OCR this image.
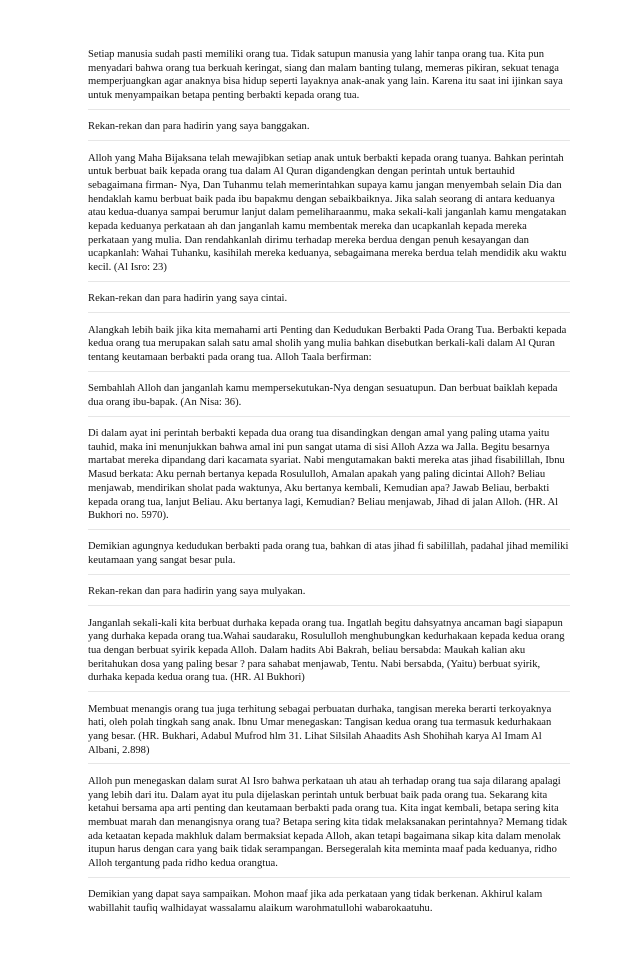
Setiap manusia sudah pasti memiliki orang tua. Tidak satupun manusia yang lahir tanpa orang tua. Kita pun menyadari bahwa orang tua berkuah keringat, siang dan malam banting tulang, memeras pikiran, sekuat tenaga memperjuangkan agar anaknya bisa hidup seperti layaknya anak-anak yang lain. Karena itu saat ini ijinkan saya untuk menyampaikan betapa penting berbakti kepada orang tua.

Rekan-rekan dan para hadirin yang saya banggakan.

Alloh yang Maha Bijaksana telah mewajibkan setiap anak untuk berbakti kepada orang tuanya. Bahkan perintah untuk berbuat baik kepada orang tua dalam Al Quran digandengkan dengan perintah untuk bertauhid sebagaimana firman- Nya, Dan Tuhanmu telah memerintahkan supaya kamu jangan menyembah selain Dia dan hendaklah kamu berbuat baik pada ibu bapakmu dengan sebaikbaiknya. Jika salah seorang di antara keduanya atau kedua-duanya sampai berumur lanjut dalam pemeliharaanmu, maka sekali-kali janganlah kamu mengatakan kepada keduanya perkataan ah dan janganlah kamu membentak mereka dan ucapkanlah kepada mereka perkataan yang mulia. Dan rendahkanlah dirimu terhadap mereka berdua dengan penuh kesayangan dan ucapkanlah: Wahai Tuhanku, kasihilah mereka keduanya, sebagaimana mereka berdua telah mendidik aku waktu kecil. (Al Isro: 23)

Rekan-rekan dan para hadirin yang saya cintai.

Alangkah lebih baik jika kita memahami arti Penting dan Kedudukan Berbakti Pada Orang Tua. Berbakti kepada kedua orang tua merupakan salah satu amal sholih yang mulia bahkan disebutkan berkali-kali dalam Al Quran tentang keutamaan berbakti pada orang tua. Alloh Taala berfirman:

Sembahlah Alloh dan janganlah kamu mempersekutukan-Nya dengan sesuatupun. Dan berbuat baiklah kepada dua orang ibu-bapak. (An Nisa: 36).

Di dalam ayat ini perintah berbakti kepada dua orang tua disandingkan dengan amal yang paling utama yaitu tauhid, maka ini menunjukkan bahwa amal ini pun sangat utama di sisi Alloh Azza wa Jalla. Begitu besarnya martabat mereka dipandang dari kacamata syariat. Nabi mengutamakan bakti mereka atas jihad fisabilillah, Ibnu Masud berkata: Aku pernah bertanya kepada Rosululloh, Amalan apakah yang paling dicintai Alloh? Beliau menjawab, mendirikan sholat pada waktunya, Aku bertanya kembali, Kemudian apa? Jawab Beliau, berbakti kepada orang tua, lanjut Beliau. Aku bertanya lagi, Kemudian? Beliau menjawab, Jihad di jalan Alloh. (HR. Al Bukhori no. 5970).

Demikian agungnya kedudukan berbakti pada orang tua, bahkan di atas jihad fi sabilillah, padahal jihad memiliki keutamaan yang sangat besar pula.

Rekan-rekan dan para hadirin yang saya mulyakan.

Janganlah sekali-kali kita berbuat durhaka kepada orang tua. Ingatlah begitu dahsyatnya ancaman bagi siapapun yang durhaka kepada orang tua.Wahai saudaraku, Rosululloh menghubungkan kedurhakaan kepada kedua orang tua dengan berbuat syirik kepada Alloh. Dalam hadits Abi Bakrah, beliau bersabda: Maukah kalian aku beritahukan dosa yang paling besar ? para sahabat menjawab, Tentu. Nabi bersabda, (Yaitu) berbuat syirik, durhaka kepada kedua orang tua. (HR. Al Bukhori)

Membuat menangis orang tua juga terhitung sebagai perbuatan durhaka, tangisan mereka berarti terkoyaknya hati, oleh polah tingkah sang anak. Ibnu Umar menegaskan: Tangisan kedua orang tua termasuk kedurhakaan yang besar. (HR. Bukhari, Adabul Mufrod hlm 31. Lihat Silsilah Ahaadits Ash Shohihah karya Al Imam Al Albani, 2.898)

Alloh pun menegaskan dalam surat Al Isro bahwa perkataan uh atau ah terhadap orang tua saja dilarang apalagi yang lebih dari itu. Dalam ayat itu pula dijelaskan perintah untuk berbuat baik pada orang tua. Sekarang kita ketahui bersama apa arti penting dan keutamaan berbakti pada orang tua. Kita ingat kembali, betapa sering kita membuat marah dan menangisnya orang tua? Betapa sering kita tidak melaksanakan perintahnya? Memang tidak ada ketaatan kepada makhluk dalam bermaksiat kepada Alloh, akan tetapi bagaimana sikap kita dalam menolak itupun harus dengan cara yang baik tidak serampangan. Bersegeralah kita meminta maaf pada keduanya, ridho Alloh tergantung pada ridho kedua orangtua.

Demikian yang dapat saya sampaikan. Mohon maaf jika ada perkataan yang tidak berkenan. Akhirul kalam wabillahit taufiq walhidayat wassalamu alaikum warohmatullohi wabarokaatuhu.
